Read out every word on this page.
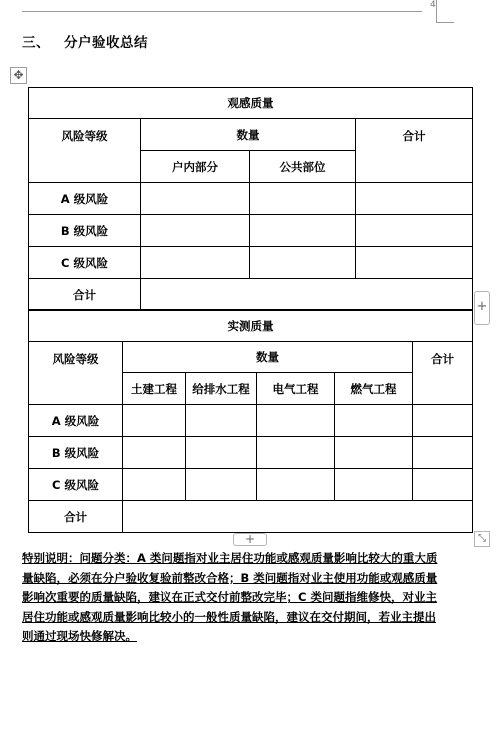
4
三、 分户验收总结
✥
观感质量			
风险等级	数量		合计
	户内部分	公共部位	
A 级风险			
B 级风险			
C 级风险			
合计			
实测质量					
风险等级	数量				合计
	土建工程	给排水工程	电气工程	燃气工程	
A 级风险					
B 级风险					
C 级风险					
合计					
+
+	⤡
特别说明：问题分类：A 类问题指对业主居住功能或感观质量影响比较大的重大质量缺陷，必须在分户验收复验前整改合格；B 类问题指对业主使用功能或观感质量影响次重要的质量缺陷，建议在正式交付前整改完毕；C 类问题指维修快，对业主居住功能或感观质量影响比较小的一般性质量缺陷，建议在交付期间，若业主提出则通过现场快修解决。
